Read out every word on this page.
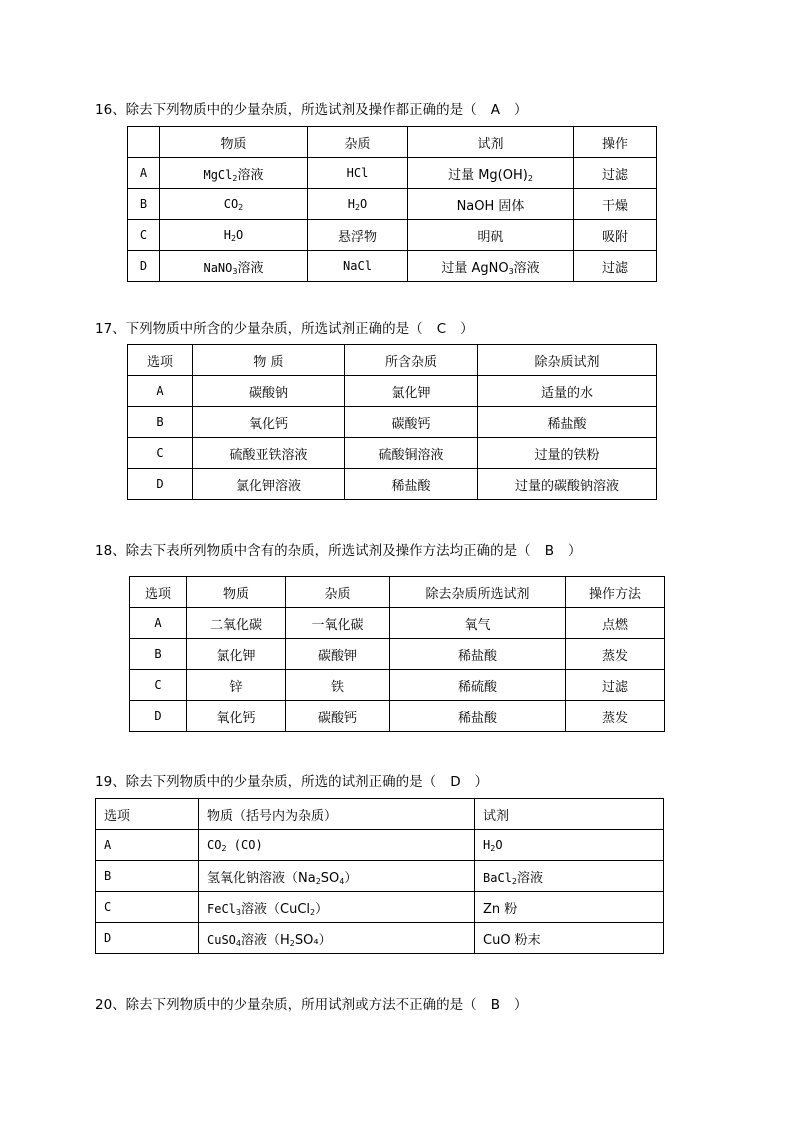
16、除去下列物质中的少量杂质，所选试剂及操作都正确的是（ A ）
	物质	杂质	试剂	操作
A	MgCl$_2$溶液	HCl	过量 $Mg(OH)_2$	过滤
B	$CO_2$	$H_2O$	NaOH 固体	干燥
C	$H_2O$	悬浮物	明矾	吸附
D	NaNO$_3$溶液	NaCl	过量 AgNO$_3$溶液	过滤
17、下列物质中所含的少量杂质，所选试剂正确的是（ C ）
选项	物 质	所含杂质	除杂质试剂
A	碳酸钠	氯化钾	适量的水
B	氧化钙	碳酸钙	稀盐酸
C	硫酸亚铁溶液	硫酸铜溶液	过量的铁粉
D	氯化钾溶液	稀盐酸	过量的碳酸钠溶液
18、除去下表所列物质中含有的杂质，所选试剂及操作方法均正确的是（ B ）
选项	物质	杂质	除去杂质所选试剂	操作方法
A	二氧化碳	一氧化碳	氧气	点燃
B	氯化钾	碳酸钾	稀盐酸	蒸发
C	锌	铁	稀硫酸	过滤
D	氧化钙	碳酸钙	稀盐酸	蒸发
19、除去下列物质中的少量杂质，所选的试剂正确的是（ D ）
选项	物质（括号内为杂质）	试剂
A	$CO_2$ (CO)	$H_2O$
B	氢氧化钠溶液$(Na_2SO_4)$	BaCl$_2$溶液
C	FeCl$_3$溶液（CuCl$_2$）	Zn 粉
D	CuSO$_4$溶液$(H_2SO_4)$	CuO 粉末
20、除去下列物质中的少量杂质，所用试剂或方法不正确的是（ B ）
